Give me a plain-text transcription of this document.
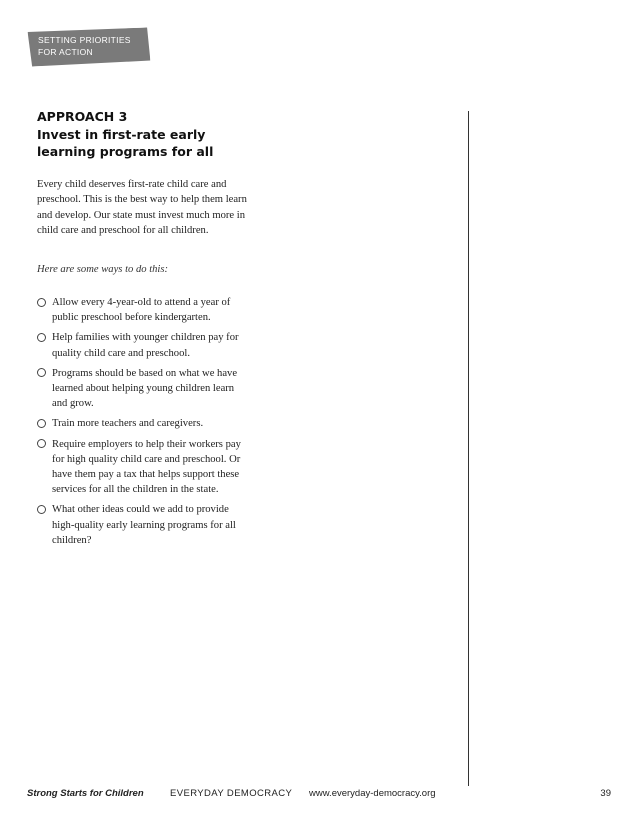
SETTING PRIORITIES
FOR ACTION
APPROACH 3
Invest in first-rate early learning programs for all
Every child deserves first-rate child care and preschool. This is the best way to help them learn and develop. Our state must invest much more in child care and preschool for all children.
Here are some ways to do this:
Allow every 4-year-old to attend a year of public preschool before kindergarten.
Help families with younger children pay for quality child care and preschool.
Programs should be based on what we have learned about helping young children learn and grow.
Train more teachers and caregivers.
Require employers to help their workers pay for high quality child care and preschool. Or have them pay a tax that helps support these services for all the children in the state.
What other ideas could we add to provide high-quality early learning programs for all children?
Strong Starts for Children	EVERYDAY DEMOCRACY www.everyday-democracy.org	39
